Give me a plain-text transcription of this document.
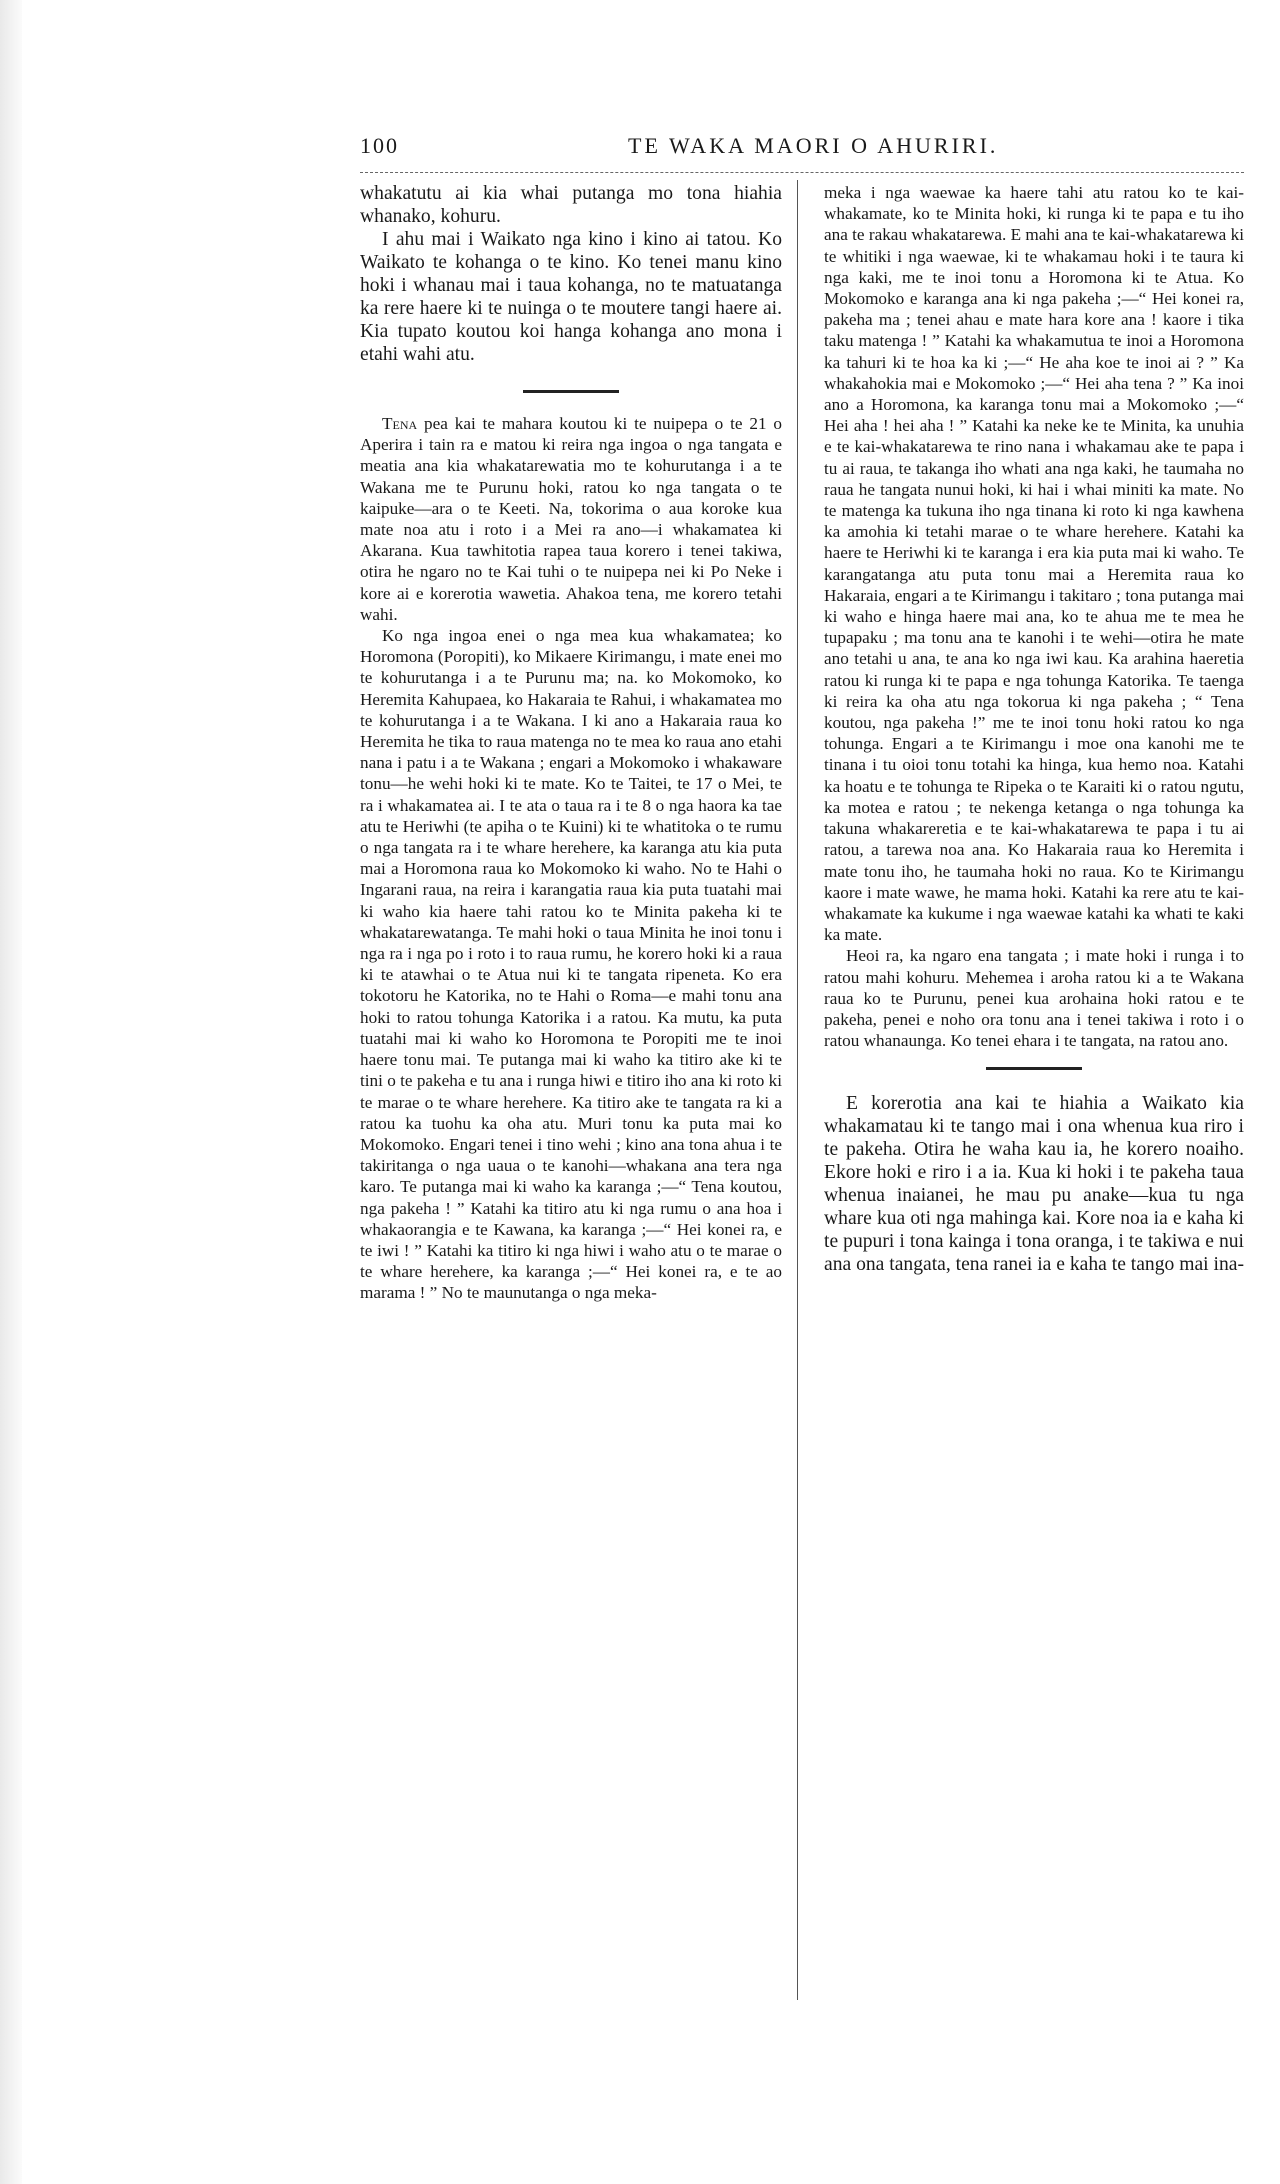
100	TE WAKA MAORI O AHURIRI.

whakatutu ai kia whai putanga mo tona hiahia whanako, kohuru.

I ahu mai i Waikato nga kino i kino ai tatou. Ko Waikato te kohanga o te kino. Ko tenei manu kino hoki i whanau mai i taua kohanga, no te matuatanga ka rere haere ki te nuinga o te moutere tangi haere ai. Kia tupato koutou koi hanga kohanga ano mona i etahi wahi atu.

Tena pea kai te mahara koutou ki te nuipepa o te 21 o Aperira i tain ra e matou ki reira nga ingoa o nga tangata e meatia ana kia whakatarewatia mo te kohurutanga i a te Wakana me te Purunu hoki, ratou ko nga tangata o te kaipuke—ara o te Keeti. Na, tokorima o aua koroke kua mate noa atu i roto i a Mei ra ano—i whakamatea ki Akarana. Kua tawhitotia rapea taua korero i tenei takiwa, otira he ngaro no te Kai tuhi o te nuipepa nei ki Po Neke i kore ai e korerotia wawetia. Ahakoa tena, me korero tetahi wahi.

Ko nga ingoa enei o nga mea kua whakamatea; ko Horomona (Poropiti), ko Mikaere Kirimangu, i mate enei mo te kohurutanga i a te Purunu ma; na. ko Mokomoko, ko Heremita Kahupaea, ko Hakaraia te Rahui, i whakamatea mo te kohurutanga i a te Wakana. I ki ano a Hakaraia raua ko Heremita he tika to raua matenga no te mea ko raua ano etahi nana i patu i a te Wakana ; engari a Mokomoko i whakaware tonu—he wehi hoki ki te mate. Ko te Taitei, te 17 o Mei, te ra i whakamatea ai. I te ata o taua ra i te 8 o nga haora ka tae atu te Heriwhi (te apiha o te Kuini) ki te whatitoka o te rumu o nga tangata ra i te whare herehere, ka karanga atu kia puta mai a Horomona raua ko Mokomoko ki waho. No te Hahi o Ingarani raua, na reira i karangatia raua kia puta tuatahi mai ki waho kia haere tahi ratou ko te Minita pakeha ki te whakatarewatanga. Te mahi hoki o taua Minita he inoi tonu i nga ra i nga po i roto i to raua rumu, he korero hoki ki a raua ki te atawhai o te Atua nui ki te tangata ripeneta. Ko era tokotoru he Katorika, no te Hahi o Roma—e mahi tonu ana hoki to ratou tohunga Katorika i a ratou. Ka mutu, ka puta tuatahi mai ki waho ko Horomona te Poropiti me te inoi haere tonu mai. Te putanga mai ki waho ka titiro ake ki te tini o te pakeha e tu ana i runga hiwi e titiro iho ana ki roto ki te marae o te whare herehere. Ka titiro ake te tangata ra ki a ratou ka tuohu ka oha atu. Muri tonu ka puta mai ko Mokomoko. Engari tenei i tino wehi ; kino ana tona ahua i te takiritanga o nga uaua o te kanohi—whakana ana tera nga karo. Te putanga mai ki waho ka karanga ;—“ Tena koutou, nga pakeha ! ” Katahi ka titiro atu ki nga rumu o ana hoa i whakaorangia e te Kawana, ka karanga ;—“ Hei konei ra, e te iwi ! ” Katahi ka titiro ki nga hiwi i waho atu o te marae o te whare herehere, ka karanga ;—“ Hei konei ra, e te ao marama ! ” No te maunutanga o nga meka-

meka i nga waewae ka haere tahi atu ratou ko te kai-whakamate, ko te Minita hoki, ki runga ki te papa e tu iho ana te rakau whakatarewa. E mahi ana te kai-whakatarewa ki te whitiki i nga waewae, ki te whakamau hoki i te taura ki nga kaki, me te inoi tonu a Horomona ki te Atua. Ko Mokomoko e karanga ana ki nga pakeha ;—“ Hei konei ra, pakeha ma ; tenei ahau e mate hara kore ana ! kaore i tika taku matenga ! ” Katahi ka whakamutua te inoi a Horomona ka tahuri ki te hoa ka ki ;—“ He aha koe te inoi ai ? ” Ka whakahokia mai e Mokomoko ;—“ Hei aha tena ? ” Ka inoi ano a Horomona, ka karanga tonu mai a Mokomoko ;—“ Hei aha ! hei aha ! ” Katahi ka neke ke te Minita, ka unuhia e te kai-whakatarewa te rino nana i whakamau ake te papa i tu ai raua, te takanga iho whati ana nga kaki, he taumaha no raua he tangata nunui hoki, ki hai i whai miniti ka mate. No te matenga ka tukuna iho nga tinana ki roto ki nga kawhena ka amohia ki tetahi marae o te whare herehere. Katahi ka haere te Heriwhi ki te karanga i era kia puta mai ki waho. Te karangatanga atu puta tonu mai a Heremita raua ko Hakaraia, engari a te Kirimangu i takitaro ; tona putanga mai ki waho e hinga haere mai ana, ko te ahua me te mea he tupapaku ; ma tonu ana te kanohi i te wehi—otira he mate ano tetahi u ana, te ana ko nga iwi kau. Ka arahina haeretia ratou ki runga ki te papa e nga tohunga Katorika. Te taenga ki reira ka oha atu nga tokorua ki nga pakeha ; “ Tena koutou, nga pakeha !” me te inoi tonu hoki ratou ko nga tohunga. Engari a te Kirimangu i moe ona kanohi me te tinana i tu oioi tonu totahi ka hinga, kua hemo noa. Katahi ka hoatu e te tohunga te Ripeka o te Karaiti ki o ratou ngutu, ka motea e ratou ; te nekenga ketanga o nga tohunga ka takuna whakareretia e te kai-whakatarewa te papa i tu ai ratou, a tarewa noa ana. Ko Hakaraia raua ko Heremita i mate tonu iho, he taumaha hoki no raua. Ko te Kirimangu kaore i mate wawe, he mama hoki. Katahi ka rere atu te kai-whakamate ka kukume i nga waewae katahi ka whati te kaki ka mate.

Heoi ra, ka ngaro ena tangata ; i mate hoki i runga i to ratou mahi kohuru. Mehemea i aroha ratou ki a te Wakana raua ko te Purunu, penei kua arohaina hoki ratou e te pakeha, penei e noho ora tonu ana i tenei takiwa i roto i o ratou whanaunga. Ko tenei ehara i te tangata, na ratou ano.

E korerotia ana kai te hiahia a Waikato kia whakamatau ki te tango mai i ona whenua kua riro i te pakeha. Otira he waha kau ia, he korero noaiho. Ekore hoki e riro i a ia. Kua ki hoki i te pakeha taua whenua inaianei, he mau pu anake—kua tu nga whare kua oti nga mahinga kai. Kore noa ia e kaha ki te pupuri i tona kainga i tona oranga, i te takiwa e nui ana ona tangata, tena ranei ia e kaha te tango mai ina-
